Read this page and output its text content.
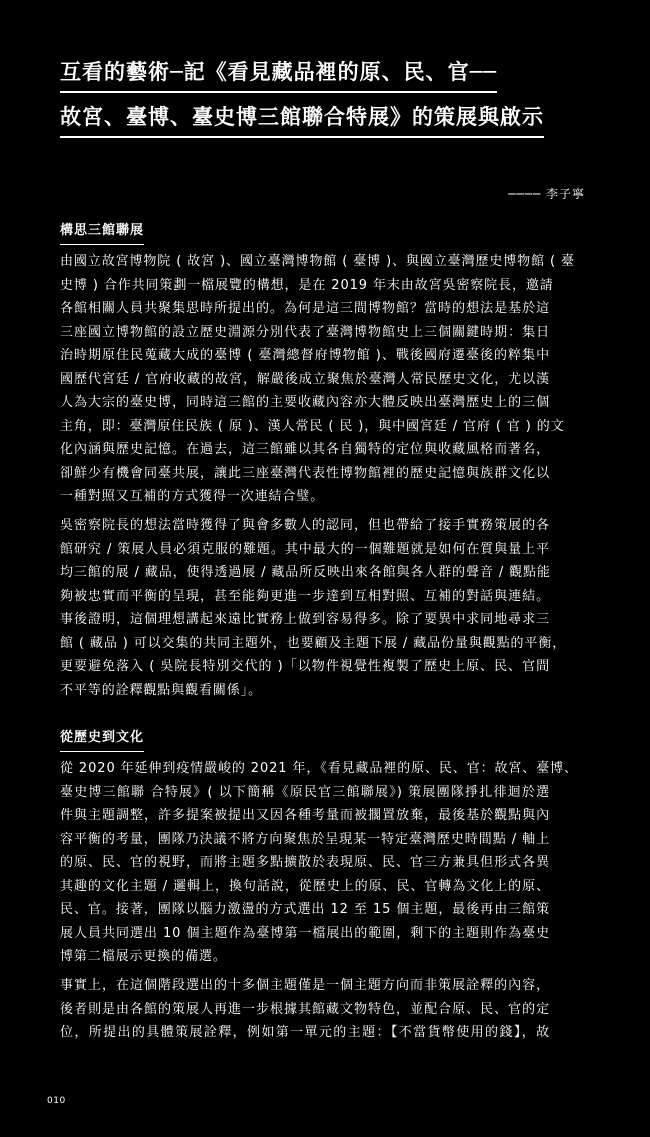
互看的藝術─記《看見藏品裡的原、民、官──
故宮、臺博、臺史博三館聯合特展》的策展與啟示
──── 李子寧
構思三館聯展
由國立故宮博物院 ( 故宮 )、國立臺灣博物館 ( 臺博 )、與國立臺灣歷史博物館 ( 臺
史博 ) 合作共同策劃一檔展覽的構想，是在 2019 年末由故宮吳密察院長，邀請
各館相關人員共聚集思時所提出的。為何是這三間博物館？當時的想法是基於這
三座國立博物館的設立歷史淵源分別代表了臺灣博物館史上三個關鍵時期：集日
治時期原住民蒐藏大成的臺博 ( 臺灣總督府博物館 )、戰後國府遷臺後的粹集中
國歷代宮廷 / 官府收藏的故宮，解嚴後成立聚焦於臺灣人常民歷史文化，尤以漢
人為大宗的臺史博，同時這三館的主要收藏內容亦大體反映出臺灣歷史上的三個
主角，即：臺灣原住民族 ( 原 )、漢人常民 ( 民 )，與中國宮廷 / 官府 ( 官 ) 的文
化內涵與歷史記憶。在過去，這三館雖以其各自獨特的定位與收藏風格而著名，
卻鮮少有機會同臺共展，讓此三座臺灣代表性博物館裡的歷史記憶與族群文化以
一種對照又互補的方式獲得一次連結合璧。
吳密察院長的想法當時獲得了與會多數人的認同，但也帶給了接手實務策展的各
館研究 / 策展人員必須克服的難題。其中最大的一個難題就是如何在質與量上平
均三館的展 / 藏品，使得透過展 / 藏品所反映出來各館與各人群的聲音 / 觀點能
夠被忠實而平衡的呈現，甚至能夠更進一步達到互相對照、互補的對話與連結。
事後證明，這個理想講起來遠比實務上做到容易得多。除了要異中求同地尋求三
館 ( 藏品 ) 可以交集的共同主題外，也要顧及主題下展 / 藏品份量與觀點的平衡，
更要避免落入 ( 吳院長特別交代的 )「以物件視覺性複製了歷史上原、民、官間
不平等的詮釋觀點與觀看關係」。
從歷史到文化
從 2020 年延伸到疫情嚴峻的 2021 年，《看見藏品裡的原、民、官：故宮、臺博、
臺史博三館聯 合特展》( 以下簡稱《原民官三館聯展》) 策展團隊掙扎徘迴於選
件與主題調整，許多提案被提出又因各種考量而被擱置放棄，最後基於觀點與內
容平衡的考量，團隊乃決議不將方向聚焦於呈現某一特定臺灣歷史時間點 / 軸上
的原、民、官的視野，而將主題多點擴散於表現原、民、官三方兼具但形式各異
其趣的文化主題 / 邏輯上，換句話說，從歷史上的原、民、官轉為文化上的原、
民、官。接著，團隊以腦力激盪的方式選出 12 至 15 個主題，最後再由三館策
展人員共同選出 10 個主題作為臺博第一檔展出的範圍，剩下的主題則作為臺史
博第二檔展示更換的備選。
事實上，在這個階段選出的十多個主題僅是一個主題方向而非策展詮釋的內容，
後者則是由各館的策展人再進一步根據其館藏文物特色，並配合原、民、官的定
位，所提出的具體策展詮釋，例如第一單元的主題：【不當貨幣使用的錢】，故
010
